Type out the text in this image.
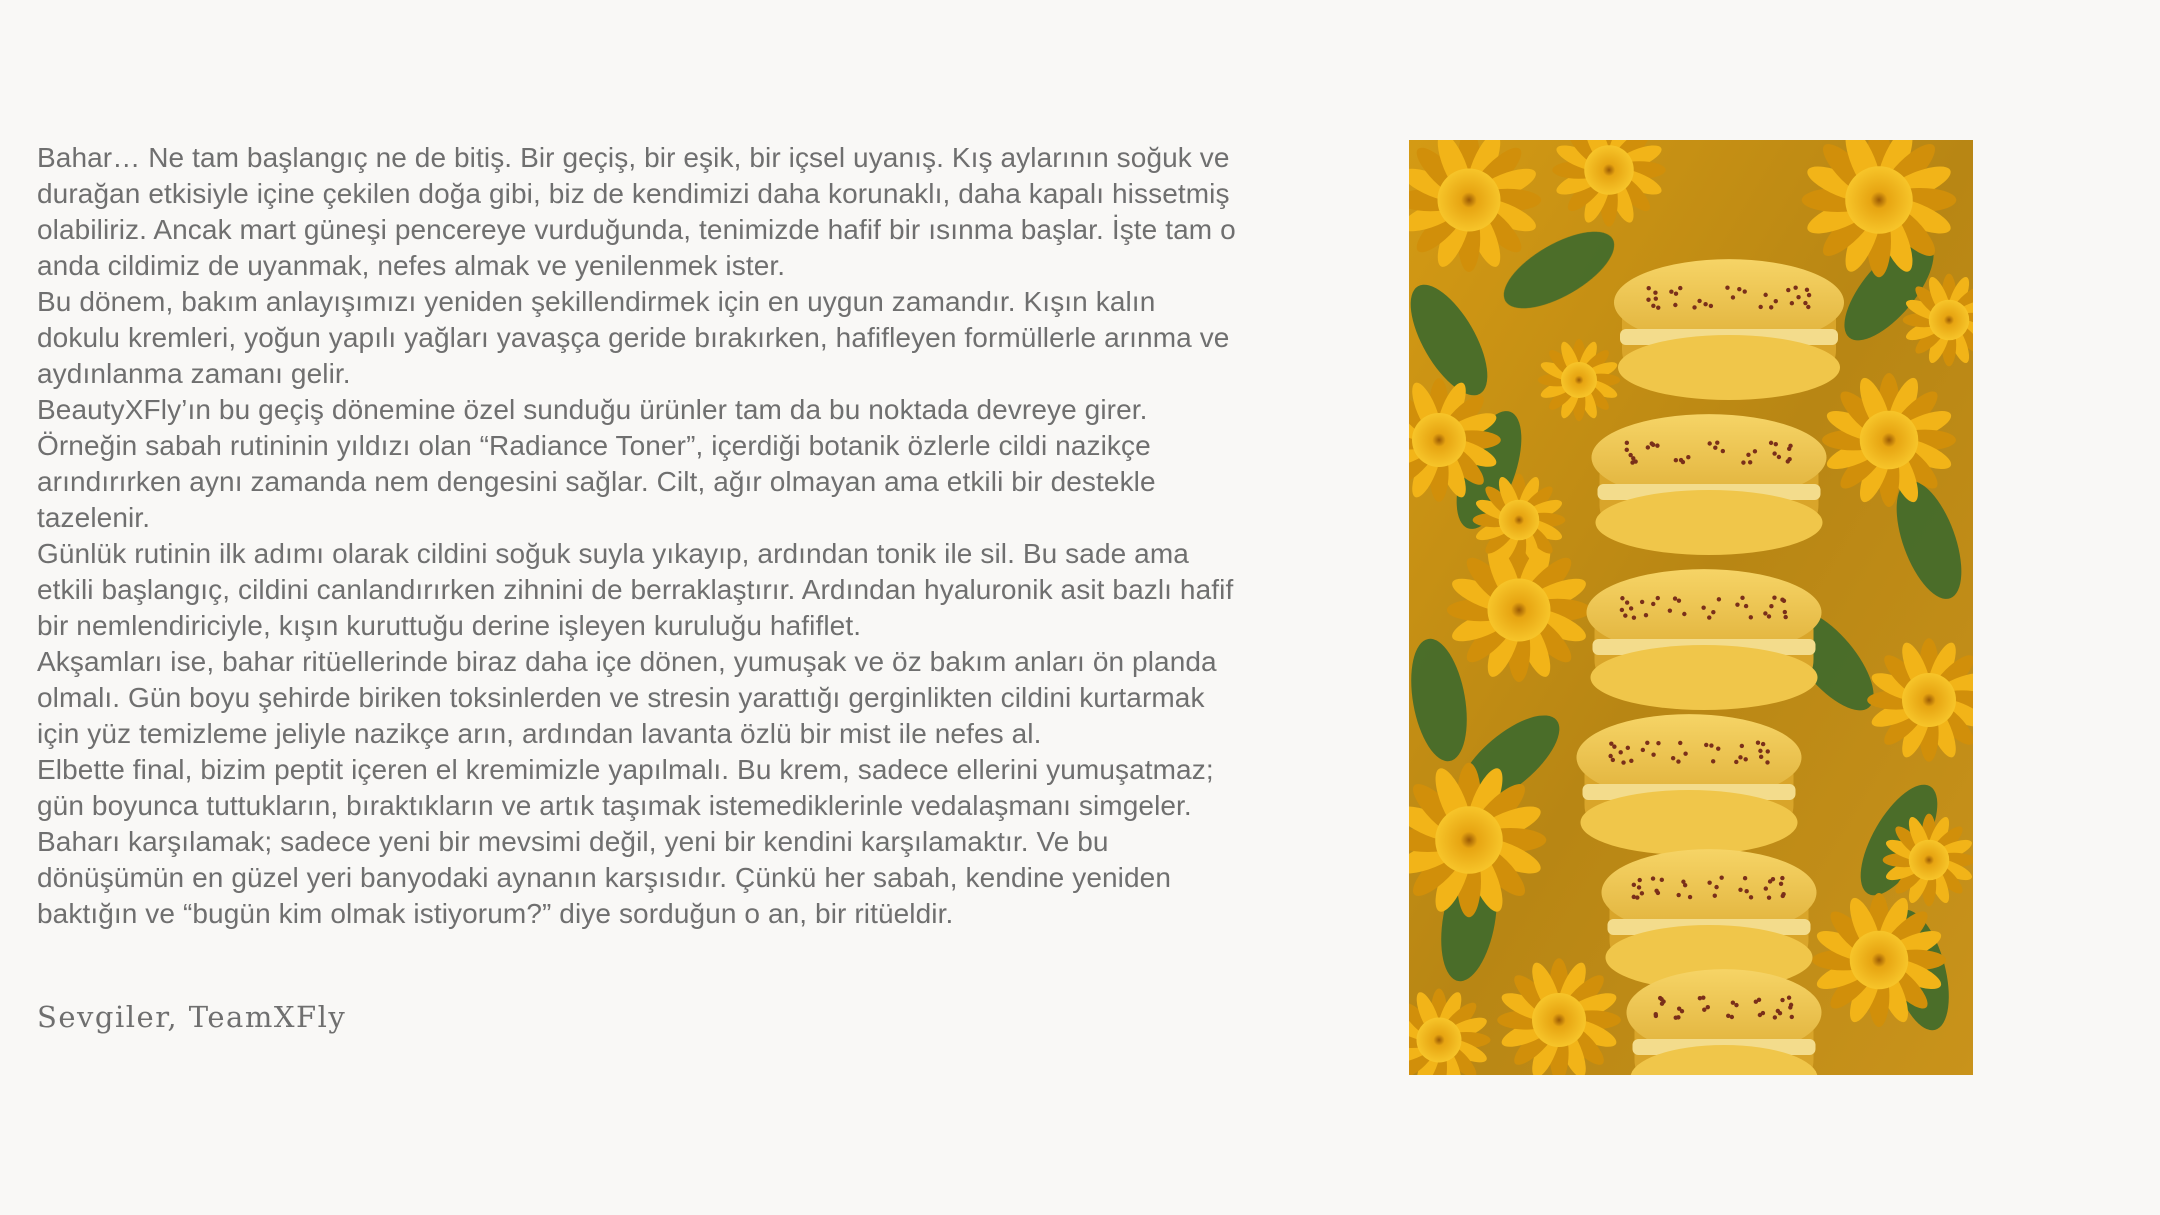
Bahar… Ne tam başlangıç ne de bitiş. Bir geçiş, bir eşik, bir içsel uyanış. Kış aylarının soğuk ve durağan etkisiyle içine çekilen doğa gibi, biz de kendimizi daha korunaklı, daha kapalı hissetmiş olabiliriz. Ancak mart güneşi pencereye vurduğunda, tenimizde hafif bir ısınma başlar. İşte tam o anda cildimiz de uyanmak, nefes almak ve yenilenmek ister.

Bu dönem, bakım anlayışımızı yeniden şekillendirmek için en uygun zamandır. Kışın kalın dokulu kremleri, yoğun yapılı yağları yavaşça geride bırakırken, hafifleyen formüllerle arınma ve aydınlanma zamanı gelir.

BeautyXFly’ın bu geçiş dönemine özel sunduğu ürünler tam da bu noktada devreye girer. Örneğin sabah rutininin yıldızı olan “Radiance Toner”, içerdiği botanik özlerle cildi nazikçe arındırırken aynı zamanda nem dengesini sağlar. Cilt, ağır olmayan ama etkili bir destekle tazelenir.

Günlük rutinin ilk adımı olarak cildini soğuk suyla yıkayıp, ardından tonik ile sil. Bu sade ama etkili başlangıç, cildini canlandırırken zihnini de berraklaştırır. Ardından hyaluronik asit bazlı hafif bir nemlendiriciyle, kışın kuruttuğu derine işleyen kuruluğu hafiflet.

Akşamları ise, bahar ritüellerinde biraz daha içe dönen, yumuşak ve öz bakım anları ön planda olmalı. Gün boyu şehirde biriken toksinlerden ve stresin yarattığı gerginlikten cildini kurtarmak için yüz temizleme jeliyle nazikçe arın, ardından lavanta özlü bir mist ile nefes al.

Elbette final, bizim peptit içeren el kremimizle yapılmalı. Bu krem, sadece ellerini yumuşatmaz; gün boyunca tuttukların, bıraktıkların ve artık taşımak istemediklerinle vedalaşmanı simgeler.

Baharı karşılamak; sadece yeni bir mevsimi değil, yeni bir kendini karşılamaktır. Ve bu dönüşümün en güzel yeri banyodaki aynanın karşısıdır. Çünkü her sabah, kendine yeniden baktığın ve “bugün kim olmak istiyorum?” diye sorduğun o an, bir ritüeldir.

Sevgiler, TeamXFly
